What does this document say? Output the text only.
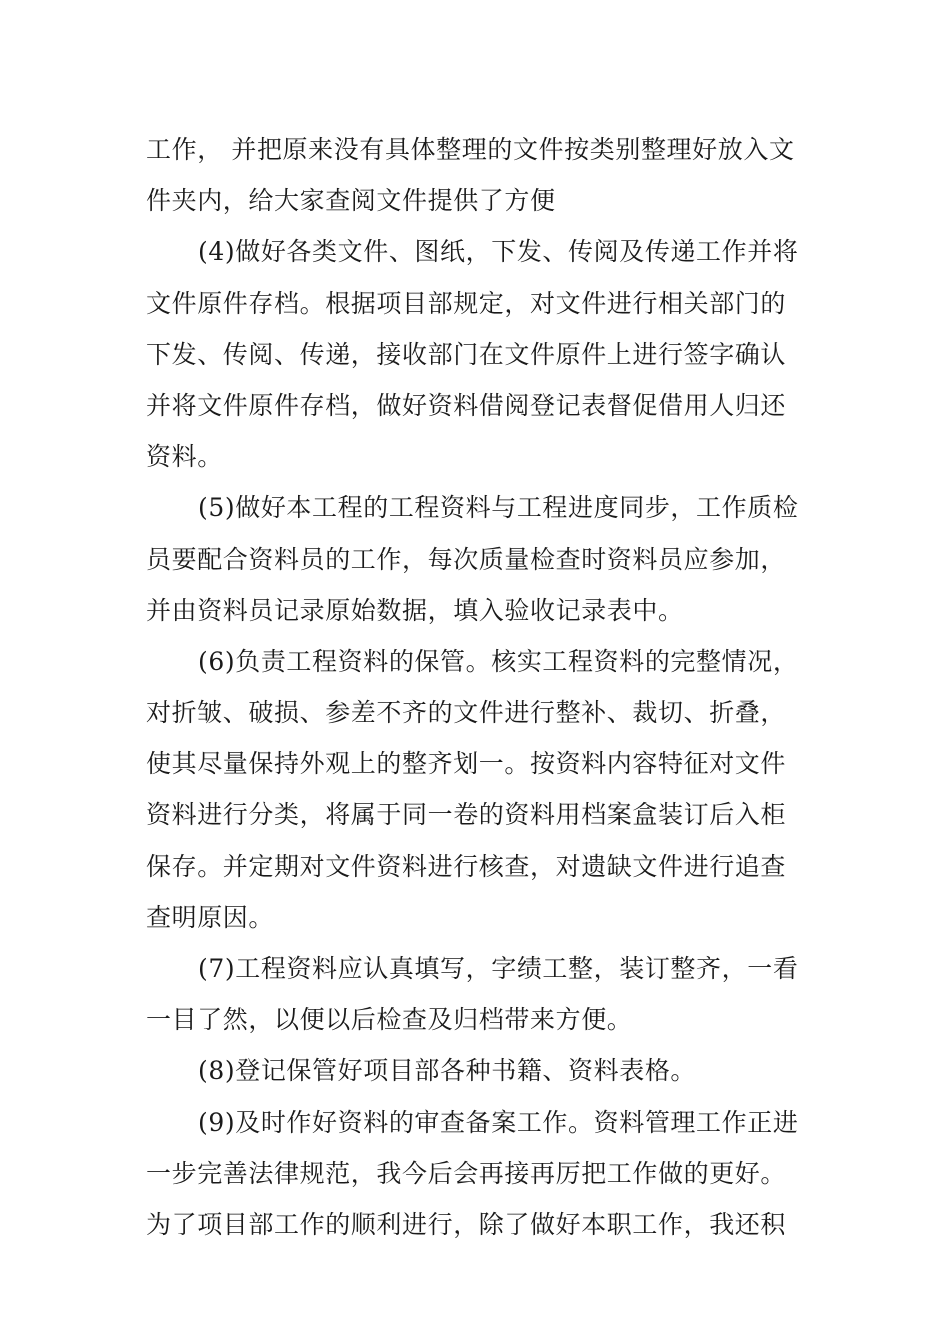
工作， 并把原来没有具体整理的文件按类别整理好放入文
件夹内，给大家查阅文件提供了方便
(4)做好各类文件、图纸，下发、传阅及传递工作并将
文件原件存档。根据项目部规定，对文件进行相关部门的
下发、传阅、传递，接收部门在文件原件上进行签字确认
并将文件原件存档，做好资料借阅登记表督促借用人归还
资料。
(5)做好本工程的工程资料与工程进度同步，工作质检
员要配合资料员的工作，每次质量检查时资料员应参加，
并由资料员记录原始数据，填入验收记录表中。
(6)负责工程资料的保管。核实工程资料的完整情况，
对折皱、破损、参差不齐的文件进行整补、裁切、折叠，
使其尽量保持外观上的整齐划一。按资料内容特征对文件
资料进行分类，将属于同一卷的资料用档案盒装订后入柜
保存。并定期对文件资料进行核查，对遗缺文件进行追查
查明原因。
(7)工程资料应认真填写，字绩工整，装订整齐，一看
一目了然，以便以后检查及归档带来方便。
(8)登记保管好项目部各种书籍、资料表格。
(9)及时作好资料的审查备案工作。资料管理工作正进
一步完善法律规范，我今后会再接再厉把工作做的更好。
为了项目部工作的顺利进行，除了做好本职工作，我还积
